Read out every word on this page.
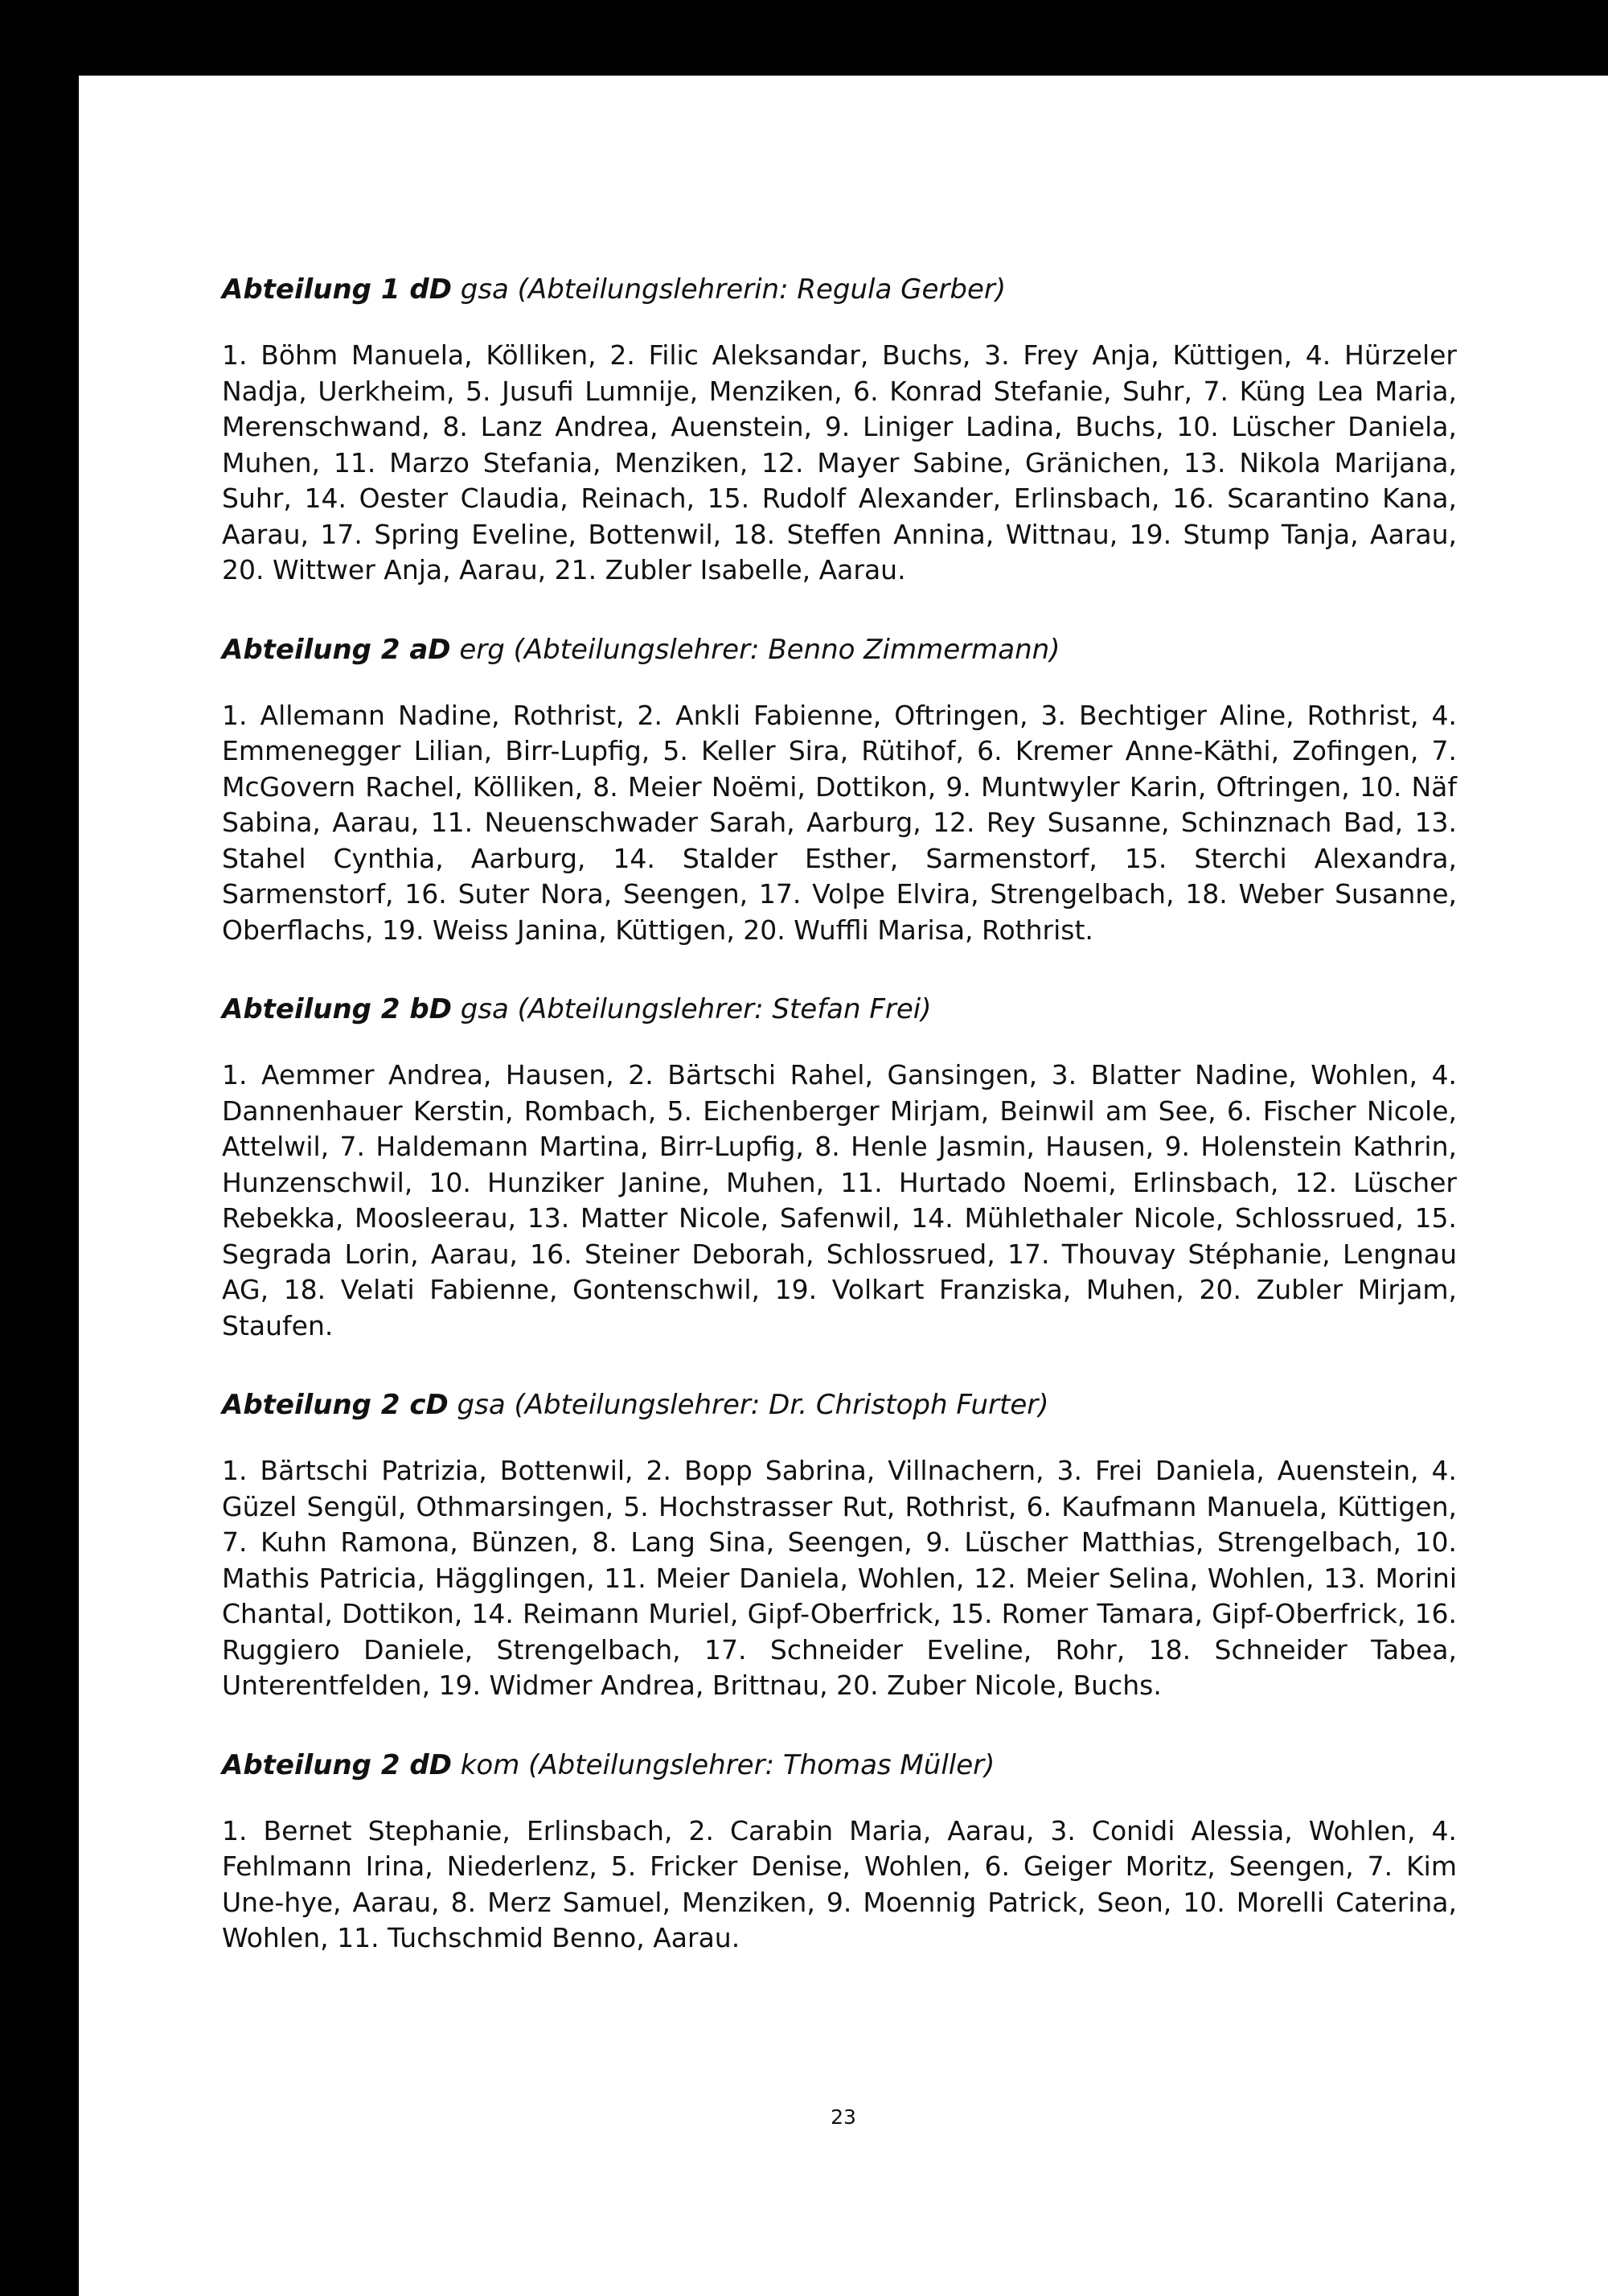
Abteilung 1 dD gsa (Abteilungslehrerin: Regula Gerber)

1. Böhm Manuela, Kölliken, 2. Filic Aleksandar, Buchs, 3. Frey Anja, Küttigen, 4. Hürzeler Nadja, Uerkheim, 5. Jusufi Lumnije, Menziken, 6. Konrad Stefanie, Suhr, 7. Küng Lea Maria, Merenschwand, 8. Lanz Andrea, Auenstein, 9. Liniger Ladina, Buchs, 10. Lüscher Daniela, Muhen, 11. Marzo Stefania, Menziken, 12. Mayer Sabine, Gränichen, 13. Nikola Marijana, Suhr, 14. Oester Claudia, Reinach, 15. Rudolf Alexander, Erlinsbach, 16. Scarantino Kana, Aarau, 17. Spring Eveline, Bottenwil, 18. Steffen Annina, Wittnau, 19. Stump Tanja, Aarau, 20. Wittwer Anja, Aarau, 21. Zubler Isabelle, Aarau.

Abteilung 2 aD erg (Abteilungslehrer: Benno Zimmermann)

1. Allemann Nadine, Rothrist, 2. Ankli Fabienne, Oftringen, 3. Bechtiger Aline, Rothrist, 4. Emmenegger Lilian, Birr-Lupfig, 5. Keller Sira, Rütihof, 6. Kremer Anne-Käthi, Zofingen, 7. McGovern Rachel, Kölliken, 8. Meier Noëmi, Dottikon, 9. Muntwyler Karin, Oftringen, 10. Näf Sabina, Aarau, 11. Neuenschwader Sarah, Aarburg, 12. Rey Susanne, Schinznach Bad, 13. Stahel Cynthia, Aarburg, 14. Stalder Esther, Sarmenstorf, 15. Sterchi Alexandra, Sarmenstorf, 16. Suter Nora, Seengen, 17. Volpe Elvira, Strengelbach, 18. Weber Susanne, Oberflachs, 19. Weiss Janina, Küttigen, 20. Wuffli Marisa, Rothrist.

Abteilung 2 bD gsa (Abteilungslehrer: Stefan Frei)

1. Aemmer Andrea, Hausen, 2. Bärtschi Rahel, Gansingen, 3. Blatter Nadine, Wohlen, 4. Dannenhauer Kerstin, Rombach, 5. Eichenberger Mirjam, Beinwil am See, 6. Fischer Nicole, Attelwil, 7. Haldemann Martina, Birr-Lupfig, 8. Henle Jasmin, Hausen, 9. Holenstein Kathrin, Hunzenschwil, 10. Hunziker Janine, Muhen, 11. Hurtado Noemi, Erlinsbach, 12. Lüscher Rebekka, Moosleerau, 13. Matter Nicole, Safenwil, 14. Mühlethaler Nicole, Schlossrued, 15. Segrada Lorin, Aarau, 16. Steiner Deborah, Schlossrued, 17. Thouvay Stéphanie, Lengnau AG, 18. Velati Fabienne, Gontenschwil, 19. Volkart Franziska, Muhen, 20. Zubler Mirjam, Staufen.

Abteilung 2 cD gsa (Abteilungslehrer: Dr. Christoph Furter)

1. Bärtschi Patrizia, Bottenwil, 2. Bopp Sabrina, Villnachern, 3. Frei Daniela, Auenstein, 4. Güzel Sengül, Othmarsingen, 5. Hochstrasser Rut, Rothrist, 6. Kaufmann Manuela, Küttigen, 7. Kuhn Ramona, Bünzen, 8. Lang Sina, Seengen, 9. Lüscher Matthias, Strengelbach, 10. Mathis Patricia, Hägglingen, 11. Meier Daniela, Wohlen, 12. Meier Selina, Wohlen, 13. Morini Chantal, Dottikon, 14. Reimann Muriel, Gipf-Oberfrick, 15. Romer Tamara, Gipf-Oberfrick, 16. Ruggiero Daniele, Strengelbach, 17. Schneider Eveline, Rohr, 18. Schneider Tabea, Unterentfelden, 19. Widmer Andrea, Brittnau, 20. Zuber Nicole, Buchs.

Abteilung 2 dD kom (Abteilungslehrer: Thomas Müller)

1. Bernet Stephanie, Erlinsbach, 2. Carabin Maria, Aarau, 3. Conidi Alessia, Wohlen, 4. Fehlmann Irina, Niederlenz, 5. Fricker Denise, Wohlen, 6. Geiger Moritz, Seengen, 7. Kim Une-hye, Aarau, 8. Merz Samuel, Menziken, 9. Moennig Patrick, Seon, 10. Morelli Caterina, Wohlen, 11. Tuchschmid Benno, Aarau.

23
